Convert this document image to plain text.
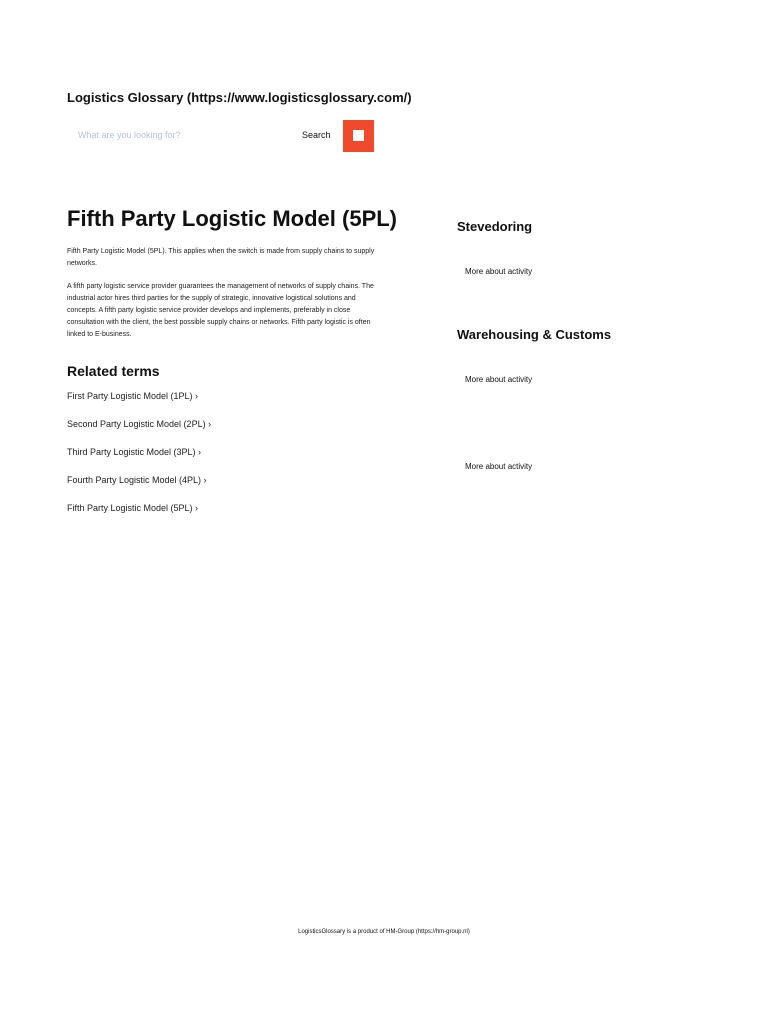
Logistics Glossary (https://www.logisticsglossary.com/)
What are you looking for?
Search
Fifth Party Logistic Model (5PL)

Fifth Party Logistic Model (5PL). This applies when the switch is made from supply chains to supply networks.

A fifth party logistic service provider guarantees the management of networks of supply chains. The industrial actor hires third parties for the supply of strategic, innovative logistical solutions and concepts. A fifth party logistic service provider develops and implements, preferably in close consultation with the client, the best possible supply chains or networks. Fifth party logistic is often linked to E-business.

Related terms
First Party Logistic Model (1PL) ›
Second Party Logistic Model (2PL) ›
Third Party Logistic Model (3PL) ›
Fourth Party Logistic Model (4PL) ›
Fifth Party Logistic Model (5PL) ›
Stevedoring
More about activity
Warehousing & Customs
More about activity
More about activity
LogisticsGlossary is a product of HM-Group (https://hm-group.nl)
